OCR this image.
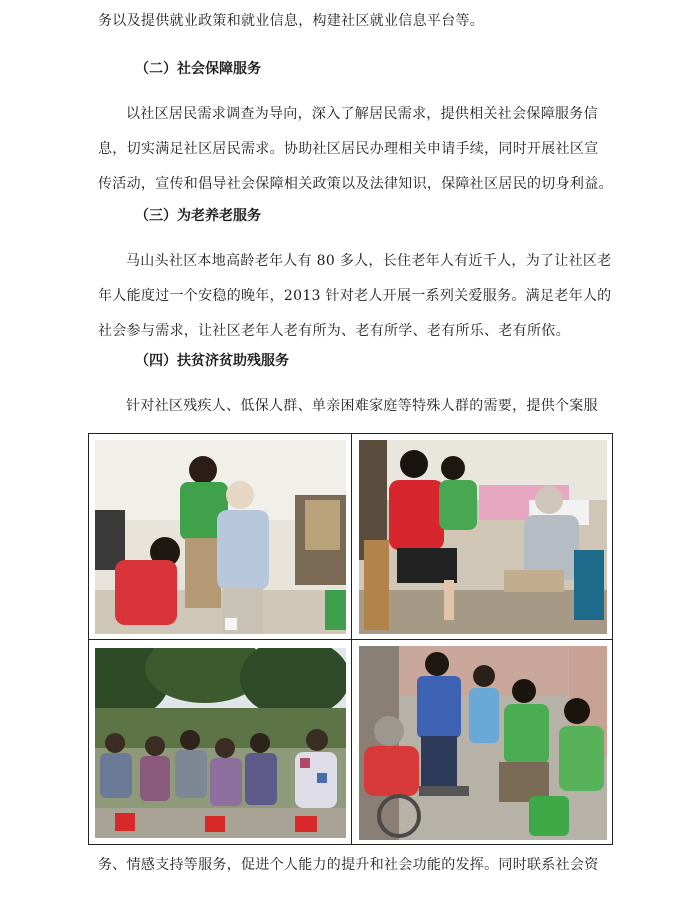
务以及提供就业政策和就业信息，构建社区就业信息平台等。

（二）社会保障服务

以社区居民需求调查为导向，深入了解居民需求，提供相关社会保障服务信
息，切实满足社区居民需求。协助社区居民办理相关申请手续，同时开展社区宣
传活动，宣传和倡导社会保障相关政策以及法律知识，保障社区居民的切身利益。

（三）为老养老服务

马山头社区本地高龄老年人有 80 多人，长住老年人有近千人，为了让社区老
年人能度过一个安稳的晚年，2013 针对老人开展一系列关爱服务。满足老年人的
社会参与需求，让社区老年人老有所为、老有所学、老有所乐、老有所依。

（四）扶贫济贫助残服务

针对社区残疾人、低保人群、单亲困难家庭等特殊人群的需要，提供个案服

务、情感支持等服务，促进个人能力的提升和社会功能的发挥。同时联系社会资
